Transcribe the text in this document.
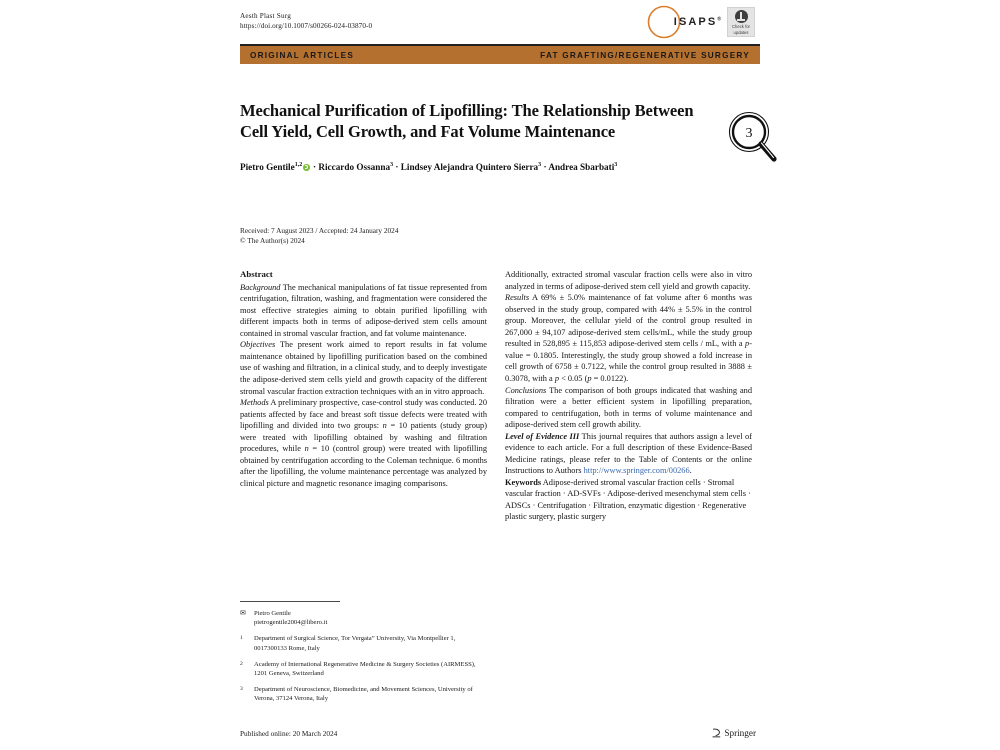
Aesth Plast Surg
https://doi.org/10.1007/s00266-024-03870-0	ISAPS®
Check for
updates
ORIGINAL ARTICLES	FAT GRAFTING/REGENERATIVE SURGERY
Mechanical Purification of Lipofilling: The Relationship Between Cell Yield, Cell Growth, and Fat Volume Maintenance
Pietro Gentile$^{1,2}$ · Riccardo Ossanna$^3$ · Lindsey Alejandra Quintero Sierra$^3$ · Andrea Sbarbati$^3$
3
Received: 7 August 2023 / Accepted: 24 January 2024
© The Author(s) 2024
Abstract

Background The mechanical manipulations of fat tissue represented from centrifugation, filtration, washing, and fragmentation were considered the most effective strategies aiming to obtain purified lipofilling with different impacts both in terms of adipose-derived stem cells amount contained in stromal vascular fraction, and fat volume maintenance.

Objectives The present work aimed to report results in fat volume maintenance obtained by lipofilling purification based on the combined use of washing and filtration, in a clinical study, and to deeply investigate the adipose-derived stem cells yield and growth capacity of the different stromal vascular fraction extraction techniques with an in vitro approach.

Methods A preliminary prospective, case-control study was conducted. 20 patients affected by face and breast soft tissue defects were treated with lipofilling and divided into two groups: n = 10 patients (study group) were treated with lipofilling obtained by washing and filtration procedures, while n = 10 (control group) were treated with lipofilling obtained by centrifugation according to the Coleman technique. 6 months after the lipofilling, the volume maintenance percentage was analyzed by clinical picture and magnetic resonance imaging comparisons.

Additionally, extracted stromal vascular fraction cells were also in vitro analyzed in terms of adipose-derived stem cell yield and growth capacity.

Results A 69% ± 5.0% maintenance of fat volume after 6 months was observed in the study group, compared with 44% ± 5.5% in the control group. Moreover, the cellular yield of the control group resulted in 267,000 ± 94,107 adipose-derived stem cells/mL, while the study group resulted in 528,895 ± 115,853 adipose-derived stem cells / mL, with a p-value = 0.1805. Interestingly, the study group showed a fold increase in cell growth of 6758 ± 0.7122, while the control group resulted in 3888 ± 0.3078, with a p < 0.05 (p = 0.0122).

Conclusions The comparison of both groups indicated that washing and filtration were a better efficient system in lipofilling preparation, compared to centrifugation, both in terms of volume maintenance and adipose-derived stem cell growth ability.

Level of Evidence III This journal requires that authors assign a level of evidence to each article. For a full description of these Evidence-Based Medicine ratings, please refer to the Table of Contents or the online Instructions to Authors http://www.springer.com/00266.

Keywords Adipose-derived stromal vascular fraction cells · Stromal vascular fraction · AD-SVFs · Adipose-derived mesenchymal stem cells · ADSCs · Centrifugation · Filtration, enzymatic digestion · Regenerative plastic surgery, plastic surgery

✉	Pietro Gentile
pietrogentile2004@libero.it
1	Department of Surgical Science, Tor Vergata” University, Via Montpellier 1, 0017300133 Rome, Italy
2	Academy of International Regenerative Medicine & Surgery Societies (AIRMESS), 1201 Geneva, Switzerland
3	Department of Neuroscience, Biomedicine, and Movement Sciences, University of Verona, 37124 Verona, Italy
Published online: 20 March 2024	Springer
